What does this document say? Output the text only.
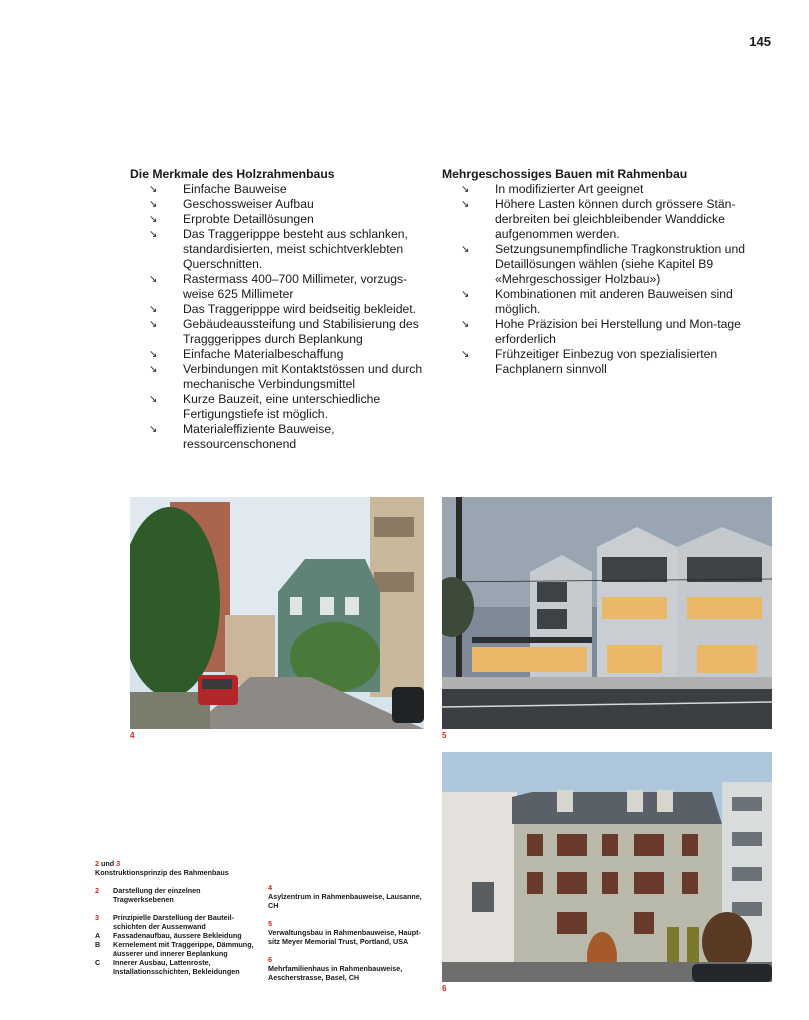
145
Die Merkmale des Holzrahmenbaus
↘ Einfache Bauweise
↘ Geschossweiser Aufbau
↘ Erprobte Detaillösungen
↘ Das Traggeripppe besteht aus schlanken, standardisierten, meist schichtverklebten Querschnitten.
↘ Rastermass 400–700 Millimeter, vorzugs-weise 625 Millimeter
↘ Das Traggeripppe wird beidseitig bekleidet.
↘ Gebäudeaussteifung und Stabilisierung des Tragggerippes durch Beplankung
↘ Einfache Materialbeschaffung
↘ Verbindungen mit Kontaktstössen und durch mechanische Verbindungsmittel
↘ Kurze Bauzeit, eine unterschiedliche Fertigungstiefe ist möglich.
↘ Materialeffiziente Bauweise, ressourcenschonend
Mehrgeschossiges Bauen mit Rahmenbau
↘ In modifizierter Art geeignet
↘ Höhere Lasten können durch grössere Stän-derbreiten bei gleichbleibender Wanddicke aufgenommen werden.
↘ Setzungsunempfindliche Tragkonstruktion und Detaillösungen wählen (siehe Kapitel B9 «Mehrgeschossiger Holzbau»)
↘ Kombinationen mit anderen Bauweisen sind möglich.
↘ Hohe Präzision bei Herstellung und Mon-tage erforderlich
↘ Frühzeitiger Einbezug von spezialisierten Fachplanern sinnvoll
4	5
6
2 und 3
Konstruktionsprinzip des Rahmenbaus
2 Darstellung der einzelnen Tragwerksebenen
3 Prinzipielle Darstellung der Bauteil-schichten der Aussenwand
A Fassadenaufbau, äussere Bekleidung
B Kernelement mit Traggerippe, Dämmung, äusserer und innerer Beplankung
C Innerer Ausbau, Lattenroste, Installationsschichten, Bekleidungen
4
Asylzentrum in Rahmenbauweise, Lausanne, CH
5
Verwaltungsbau in Rahmenbauweise, Haupt-sitz Meyer Memorial Trust, Portland, USA
6
Mehrfamilienhaus in Rahmenbauweise, Aescherstrasse, Basel, CH
